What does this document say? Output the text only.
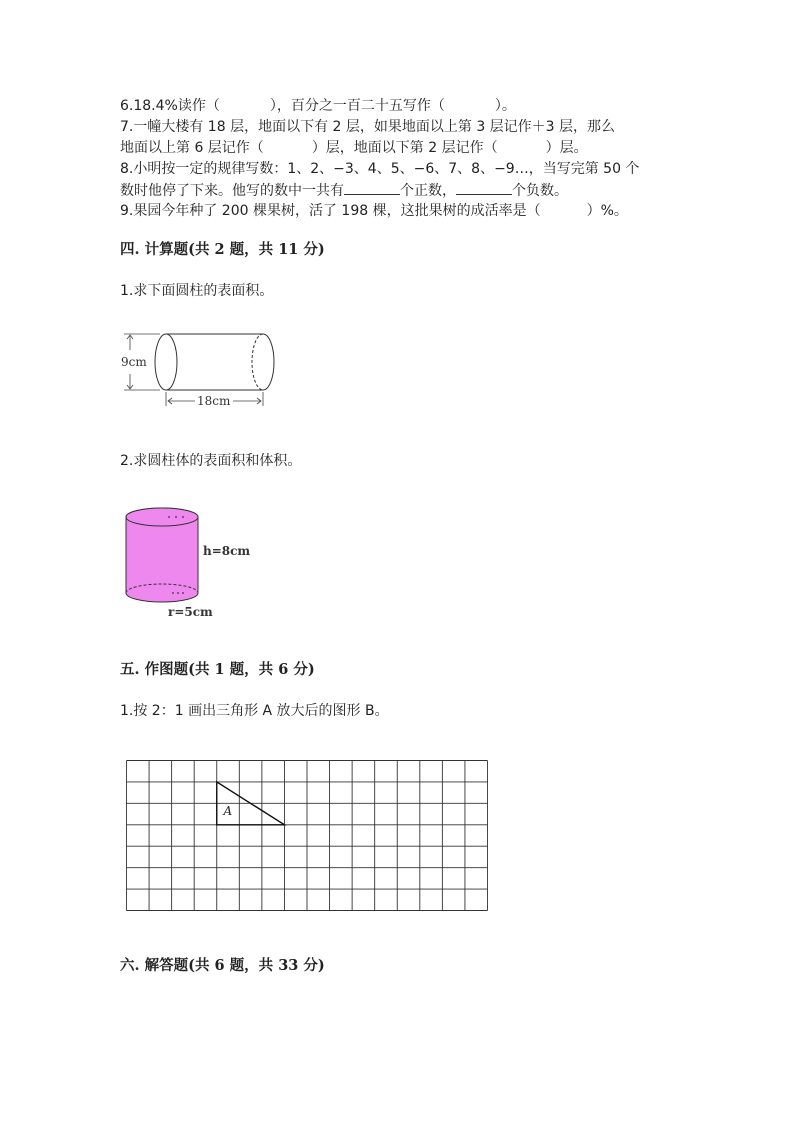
6.18.4%读作（	），百分之一百二十五写作（	）。
7.一幢大楼有 18 层，地面以下有 2 层，如果地面以上第 3 层记作＋3 层，那么
地面以上第 6 层记作（	）层，地面以下第 2 层记作（	）层。
8.小明按一定的规律写数：1、2、−3、4、5、−6、7、8、−9…，当写完第 50 个
数时他停了下来。他写的数中一共有	个正数，	个负数。
9.果园今年种了 200 棵果树，活了 198 棵，这批果树的成活率是（	）%。
四. 计算题(共 2 题，共 11 分)
1.求下面圆柱的表面积。
9cm
18cm
2.求圆柱体的表面积和体积。
h=8cm
r=5cm
五. 作图题(共 1 题，共 6 分)
1.按 2：1 画出三角形 A 放大后的图形 B。
A
六. 解答题(共 6 题，共 33 分)
